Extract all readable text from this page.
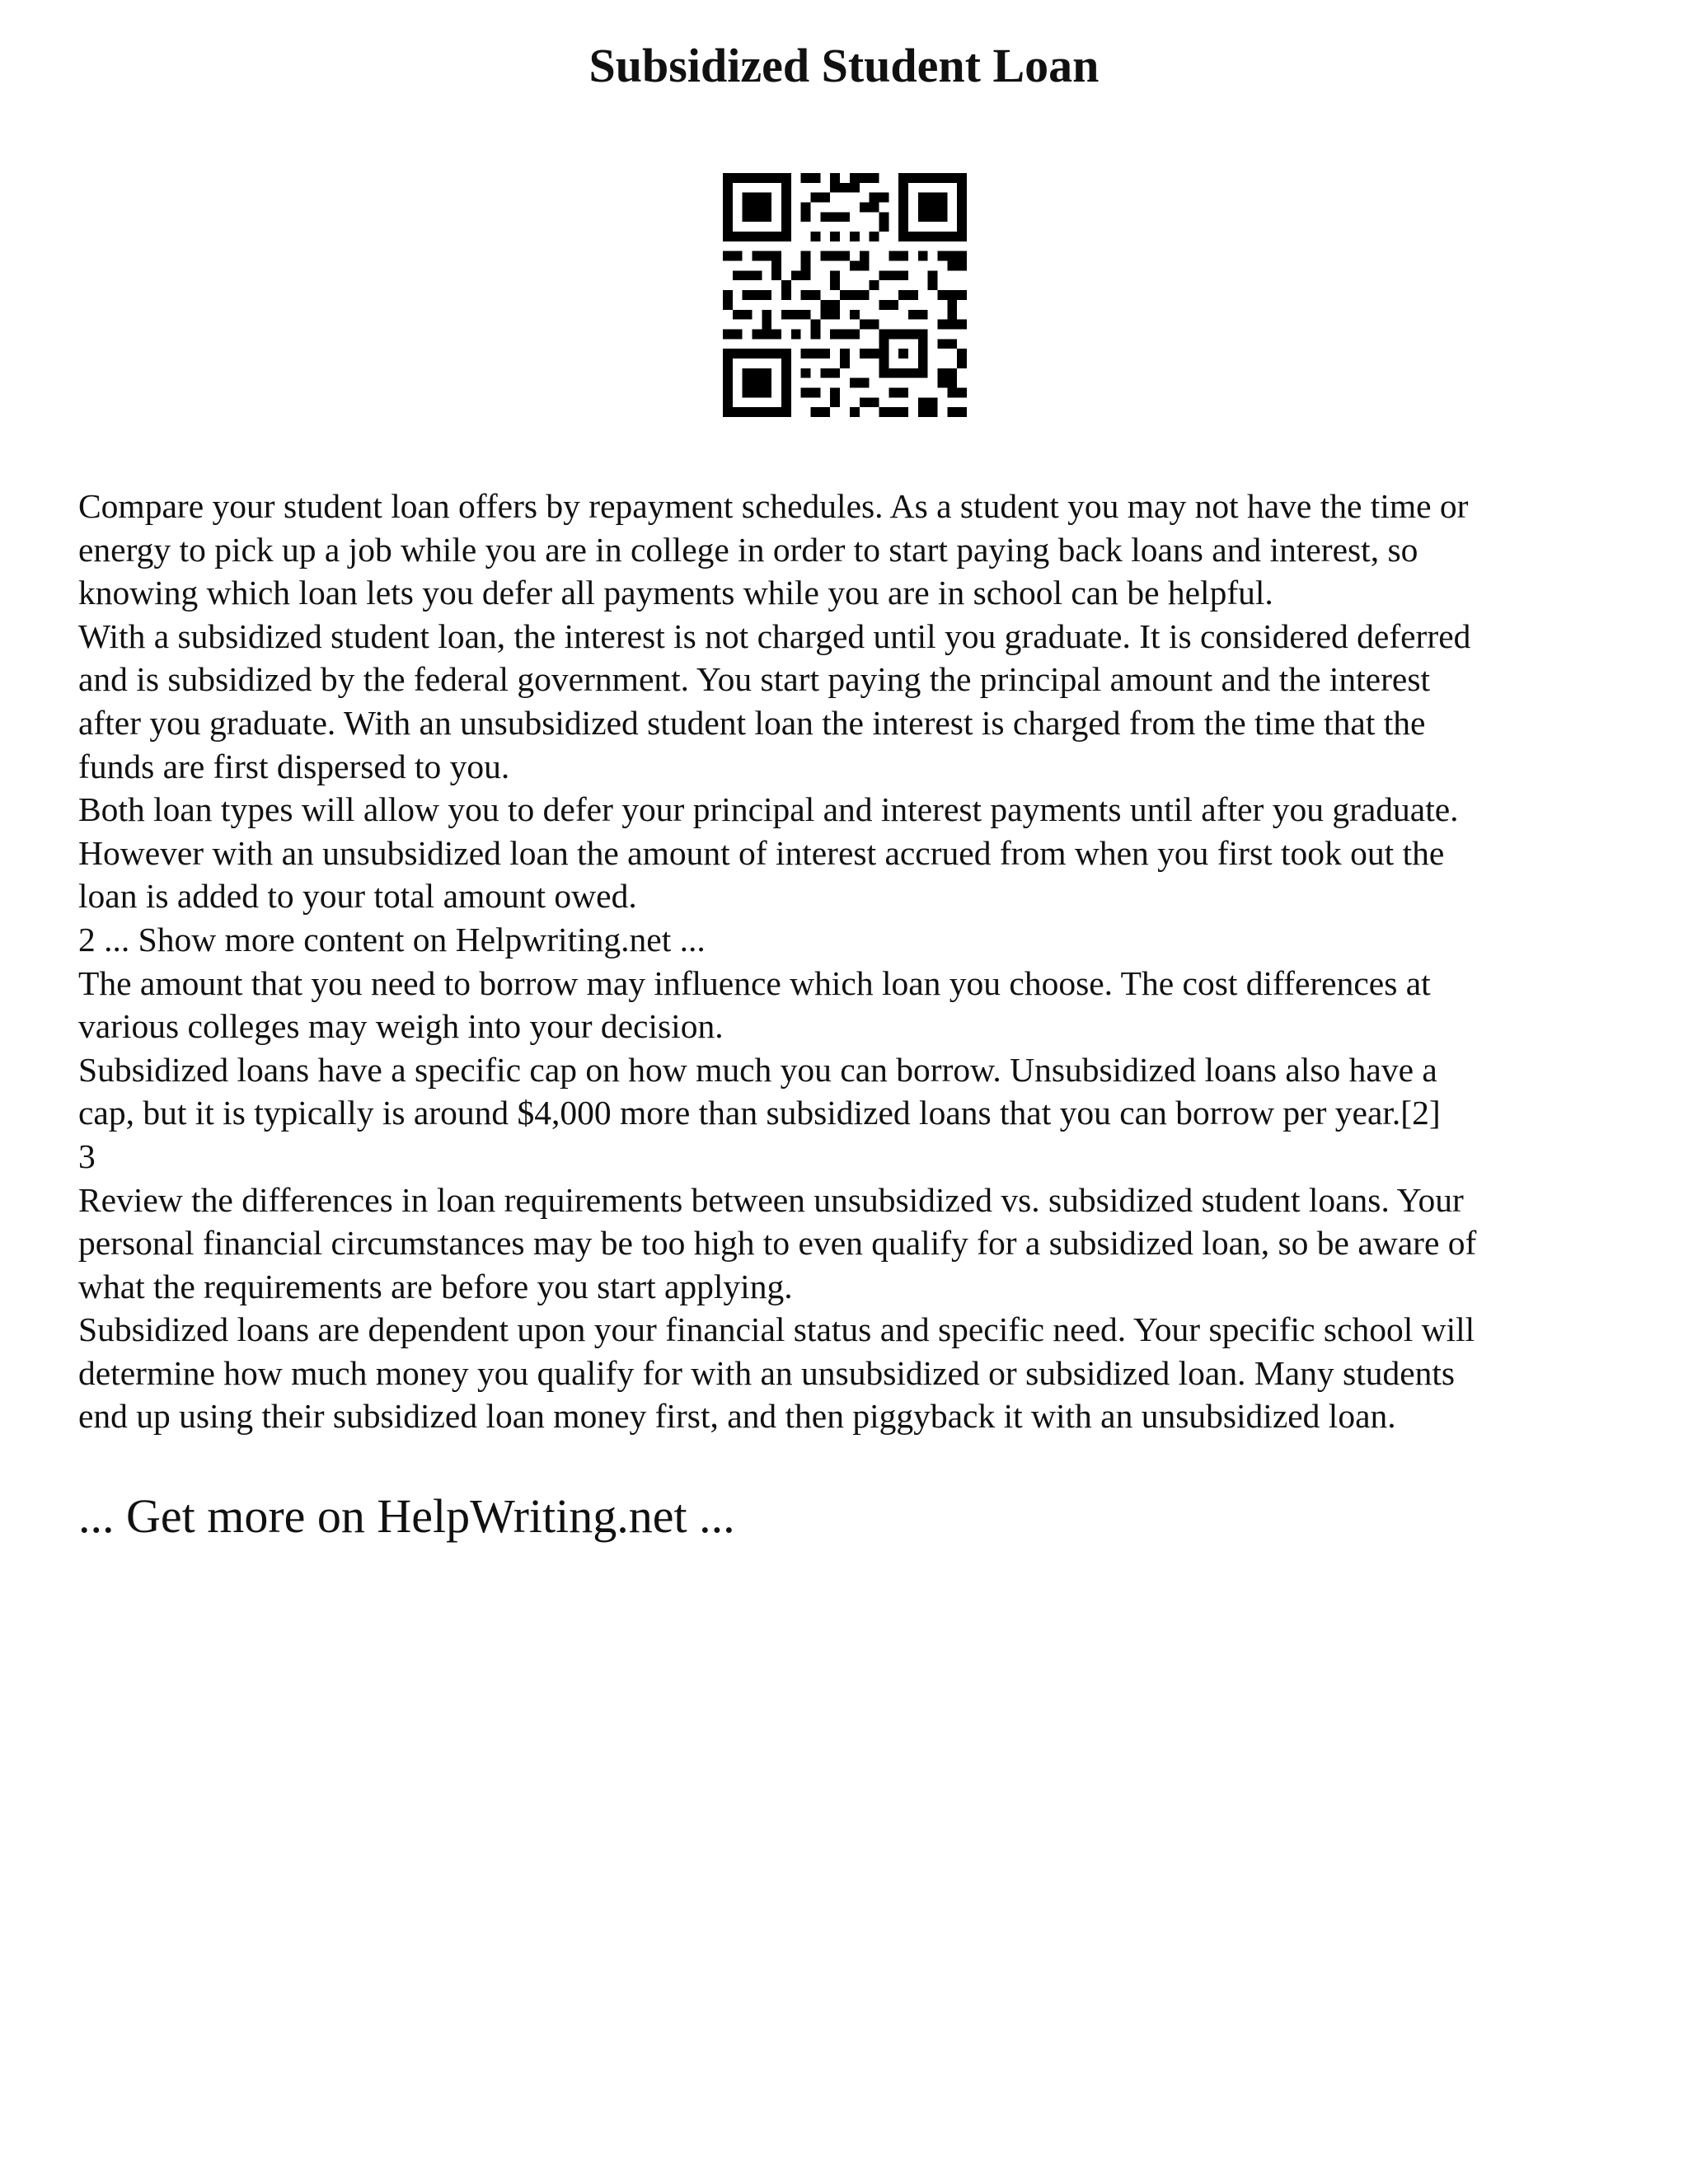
Subsidized Student Loan
Compare your student loan offers by repayment schedules. As a student you may not have the time or
energy to pick up a job while you are in college in order to start paying back loans and interest, so
knowing which loan lets you defer all payments while you are in school can be helpful.
With a subsidized student loan, the interest is not charged until you graduate. It is considered deferred
and is subsidized by the federal government. You start paying the principal amount and the interest
after you graduate. With an unsubsidized student loan the interest is charged from the time that the
funds are first dispersed to you.
Both loan types will allow you to defer your principal and interest payments until after you graduate.
However with an unsubsidized loan the amount of interest accrued from when you first took out the
loan is added to your total amount owed.
2 ... Show more content on Helpwriting.net ...
The amount that you need to borrow may influence which loan you choose. The cost differences at
various colleges may weigh into your decision.
Subsidized loans have a specific cap on how much you can borrow. Unsubsidized loans also have a
cap, but it is typically is around $4,000 more than subsidized loans that you can borrow per year.[2]
3
Review the differences in loan requirements between unsubsidized vs. subsidized student loans. Your
personal financial circumstances may be too high to even qualify for a subsidized loan, so be aware of
what the requirements are before you start applying.
Subsidized loans are dependent upon your financial status and specific need. Your specific school will
determine how much money you qualify for with an unsubsidized or subsidized loan. Many students
end up using their subsidized loan money first, and then piggyback it with an unsubsidized loan.
... Get more on HelpWriting.net ...
